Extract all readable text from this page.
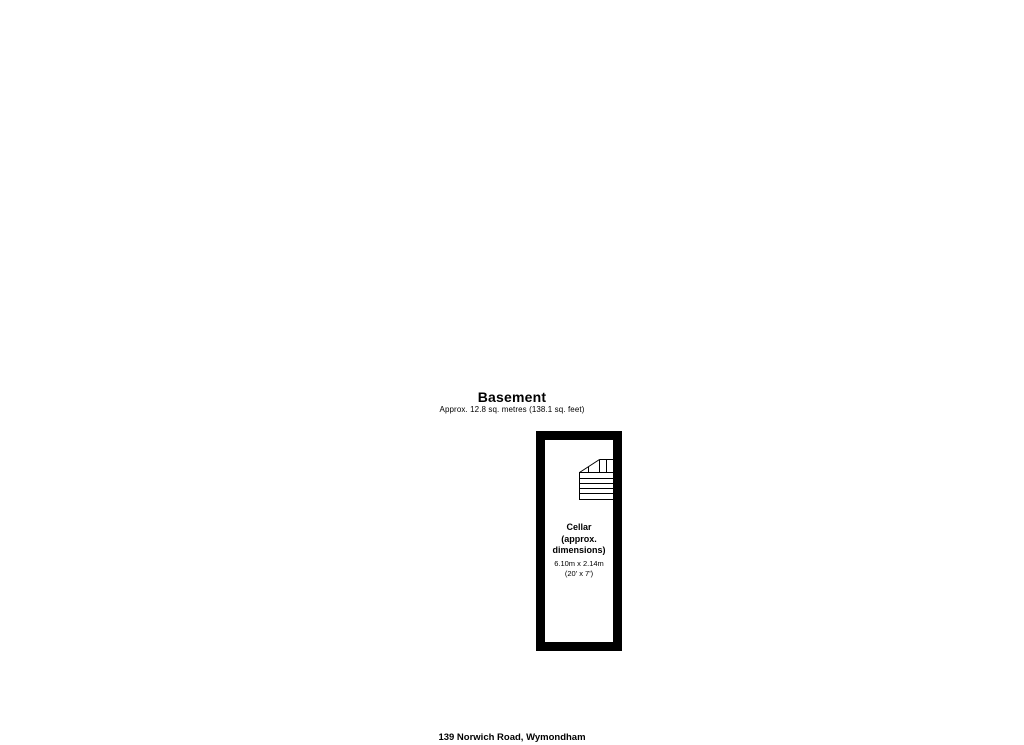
Basement
Approx. 12.8 sq. metres (138.1 sq. feet)
Cellar
(approx.
dimensions)
6.10m x 2.14m
(20' x 7')
139 Norwich Road, Wymondham
